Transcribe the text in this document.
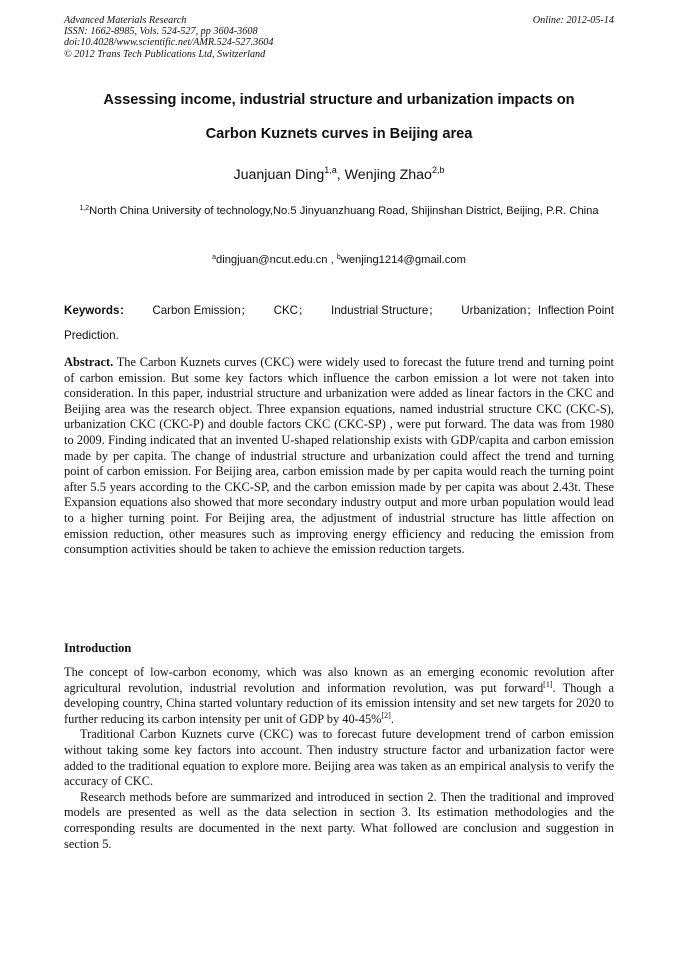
Advanced Materials Research
ISSN: 1662-8985, Vols. 524-527, pp 3604-3608
doi:10.4028/www.scientific.net/AMR.524-527.3604
© 2012 Trans Tech Publications Ltd, Switzerland
Online: 2012-05-14
Assessing income, industrial structure and urbanization impacts on
Carbon Kuznets curves in Beijing area
Juanjuan Ding$^{1,a}$, Wenjing Zhao$^{2,b}$
$^{1,2}$North China University of technology,No.5 Jinyuanzhuang Road, Shijinshan District, Beijing, P.R. China
$^a$dingjuan@ncut.edu.cn , $^b$wenjing1214@gmail.com
Keywords： Carbon Emission； CKC； Industrial Structure； Urbanization；Inflection Point
Prediction.
Abstract. The Carbon Kuznets curves (CKC) were widely used to forecast the future trend and turning point of carbon emission. But some key factors which influence the carbon emission a lot were not taken into consideration. In this paper, industrial structure and urbanization were added as linear factors in the CKC and Beijing area was the research object. Three expansion equations, named industrial structure CKC (CKC-S), urbanization CKC (CKC-P) and double factors CKC (CKC-SP) , were put forward. The data was from 1980 to 2009. Finding indicated that an invented U-shaped relationship exists with GDP/capita and carbon emission made by per capita. The change of industrial structure and urbanization could affect the trend and turning point of carbon emission. For Beijing area, carbon emission made by per capita would reach the turning point after 5.5 years according to the CKC-SP, and the carbon emission made by per capita was about 2.43t. These Expansion equations also showed that more secondary industry output and more urban population would lead to a higher turning point. For Beijing area, the adjustment of industrial structure has little affection on emission reduction, other measures such as improving energy efficiency and reducing the emission from consumption activities should be taken to achieve the emission reduction targets.
Introduction

The concept of low-carbon economy, which was also known as an emerging economic revolution after agricultural revolution, industrial revolution and information revolution, was put forward[1]. Though a developing country, China started voluntary reduction of its emission intensity and set new targets for 2020 to further reducing its carbon intensity per unit of GDP by 40-45%[2].

Traditional Carbon Kuznets curve (CKC) was to forecast future development trend of carbon emission without taking some key factors into account. Then industry structure factor and urbanization factor were added to the traditional equation to explore more. Beijing area was taken as an empirical analysis to verify the accuracy of CKC.

Research methods before are summarized and introduced in section 2. Then the traditional and improved models are presented as well as the data selection in section 3. Its estimation methodologies and the corresponding results are documented in the next party. What followed are conclusion and suggestion in section 5.
